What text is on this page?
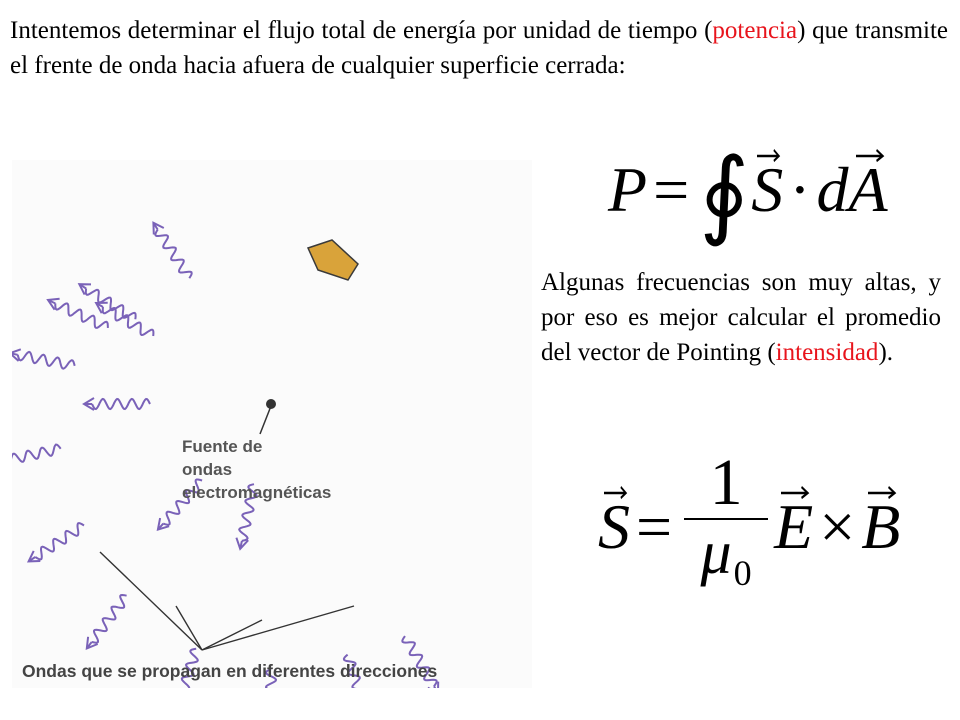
Intentemos determinar el flujo total de energía por unidad de tiempo (potencia) que transmite el frente de onda hacia afuera de cualquier superficie cerrada:

P = ∮ S · d A

Algunas frecuencias son muy altas, y por eso es mejor calcular el promedio del vector de Pointing (intensidad).

$S = \frac{1}{\mu_0}$ E × B
Fuente de
ondas
electromagnéticas
Ondas que se propagan en diferentes direcciones
